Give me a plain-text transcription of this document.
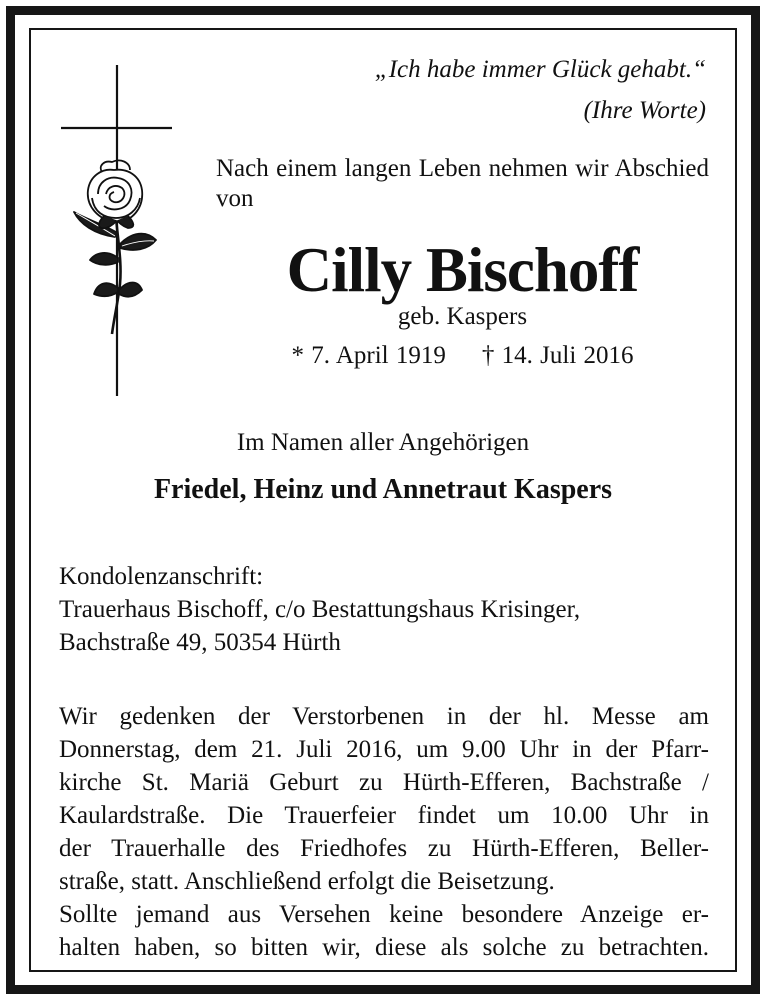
„Ich habe immer Glück gehabt.“

(Ihre Worte)

Nach einem langen Leben nehmen wir Abschied von

Cilly Bischoff

geb. Kaspers

* 7. April 1919 † 14. Juli 2016

Im Namen aller Angehörigen

Friedel, Heinz und Annetraut Kaspers

Kondolenzanschrift:
Trauerhaus Bischoff, c/o Bestattungshaus Krisinger,
Bachstraße 49, 50354 Hürth
Wir gedenken der Verstorbenen in der hl. Messe am
Donnerstag, dem 21. Juli 2016, um 9.00 Uhr in der Pfarr-
kirche St. Mariä Geburt zu Hürth-Efferen, Bachstraße /
Kaulardstraße. Die Trauerfeier findet um 10.00 Uhr in
der Trauerhalle des Friedhofes zu Hürth-Efferen, Beller-
straße, statt. Anschließend erfolgt die Beisetzung.
Sollte jemand aus Versehen keine besondere Anzeige er-
halten haben, so bitten wir, diese als solche zu betrachten.
